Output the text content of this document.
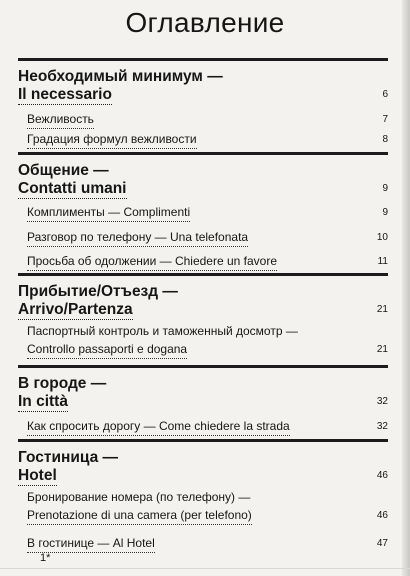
Оглавление
Необходимый минимум —
Il necessario	6
Вежливость	7
Градация формул вежливости	8
Общение —
Contatti umani	9
Комплименты — Complimenti	9
Разговор по телефону — Una telefonata	10
Просьба об одолжении — Chiedere un favore	11
Прибытие/Отъезд —
Arrivo/Partenza	21
Паспортный контроль и таможенный досмотр —
Controllo passaporti e dogana	21
В городе —
In città	32
Как спросить дорогу — Come chiedere la strada	32
Гостиница —
Hotel	46
Бронирование номера (по телефону) —
Prenotazione di una camera (per telefono)	46
В гостинице — Al Hotel	47
1*
